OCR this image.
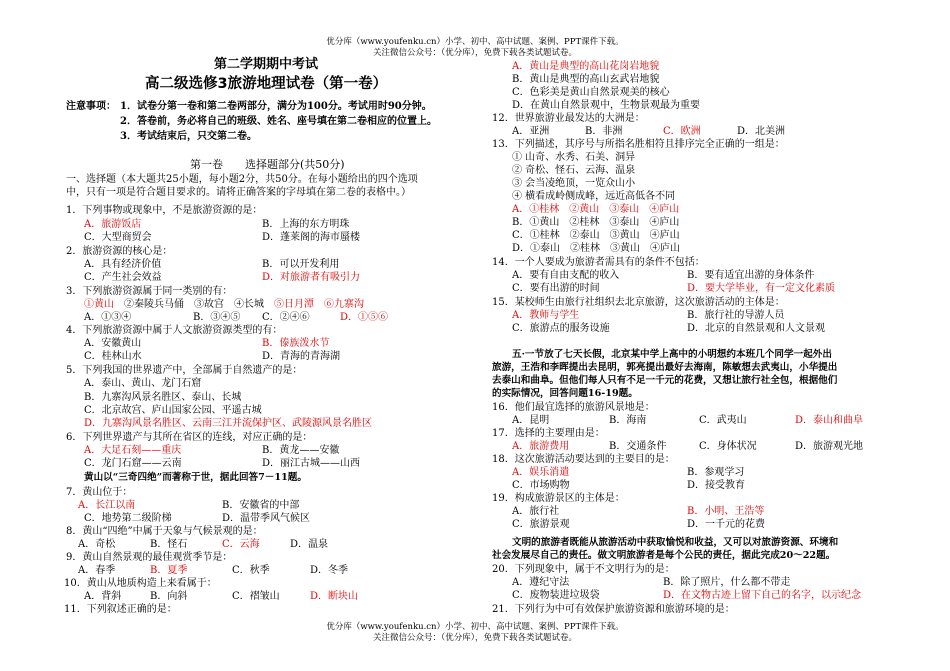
优分库（www.youfenku.cn）小学、初中、高中试题、案例、PPT课件下载。
关注微信公众号：（优分库），免费下载各类试题试卷。
优分库（www.youfenku.cn）小学、初中、高中试题、案例、PPT课件下载。
关注微信公众号：（优分库），免费下载各类试题试卷。
第二学期期中考试
高二级选修3旅游地理试卷（第一卷）
注意事项： 1．试卷分第一卷和第二卷两部分，满分为100分。考试用时90分钟。
2．答卷前，务必将自己的班级、姓名、座号填在第二卷相应的位置上。
3．考试结束后，只交第二卷。
第一卷　　选择题部分(共50分)
一、选择题（本大题共25小题，每小题2分，共50分。在每小题给出的四个选项
中，只有一项是符合题目要求的。请将正确答案的字母填在第二卷的表格中。）
1．下列事物或现象中，不是旅游资源的是：
A．旅游饭店	B．上海的东方明珠
C．大型商贸会	D．蓬莱阁的海市蜃楼
2．旅游资源的核心是：
A．具有经济价值	B．可以开发利用
C．产生社会效益	D．对旅游者有吸引力
3．下列旅游资源属于同一类别的有：
①黄山　 ②秦陵兵马俑　 ③故宫　 ④长城　 ⑤日月潭　 ⑥九寨沟
A．①③④	B．③④⑤ C．②④⑥	D．①⑤⑥
4．下列旅游资源中属于人文旅游资源类型的有：
A．安徽黄山	B．傣族泼水节
C．桂林山水	D．青海的青海湖
5．下列我国的世界遗产中，全部属于自然遗产的是：
A．泰山、黄山、龙门石窟
B．九寨沟风景名胜区、泰山、长城
C．北京故宫、庐山国家公园、平遥古城
D．九寨沟风景名胜区、云南三江并流保护区、武陵源风景名胜区
6．下列世界遗产与其所在省区的连线，对应正确的是：
A．大足石刻——重庆	B．黄龙——安徽
C．龙门石窟——云南	D．丽江古城——山西
黄山以“三奇四绝”而著称于世，据此回答7－11题。
7．黄山位于：
A．长江以南	B．安徽省的中部
C．地势第二级阶梯	D．温带季风气候区
8．黄山“四绝”中属于天象与气候景观的是：
A．奇松	B．怪石	C．云海	D．温泉
9．黄山自然景观的最佳观赏季节是：
A．春季	B．夏季	C．秋季	D．冬季
10．黄山从地质构造上来看属于：
A．背斜	B．向斜	C．褶皱山	D．断块山
11．下列叙述正确的是：
A．黄山是典型的高山花岗岩地貌
B．黄山是典型的高山玄武岩地貌
C．色彩美是黄山自然景观美的核心
D．在黄山自然景观中，生物景观最为重要
12．世界旅游业最发达的大洲是：
A．亚洲	B．非洲	C．欧洲	D．北美洲
13．下列描述，其序号与所指名胜相符且排序完全正确的一组是：
① 山奇、水秀、石美、洞异
② 奇松、怪石、云海、温泉
③ 会当凌绝顶，一览众山小
④ 横看成岭侧成峰，远近高低各不同
A．①桂林　②黄山　③泰山　④庐山
B．①黄山　②桂林　③泰山　④庐山
C．①桂林　②泰山　③黄山　④庐山
D．①泰山　②桂林　③黄山　④庐山
14．一个人要成为旅游者需具有的条件不包括：
A．要有自由支配的收入	B．要有适宜出游的身体条件
C．要有出游的时间	D．要大学毕业，有一定文化素质
15．某校师生由旅行社组织去北京旅游，这次旅游活动的主体是：
A．教师与学生	B．旅行社的导游人员
C．旅游点的服务设施	D．北京的自然景观和人文景观
五·一节放了七天长假，北京某中学上高中的小明想约本班几个同学一起外出
旅游，王浩和李晖提出去昆明，郭亮提出最好去海南，陈敏想去武夷山，小华提出
去泰山和曲阜。但他们每人只有不足一千元的花费，又想让旅行社全包，根据他们
的实际情况，回答问题16-19题。
16．他们最宜选择的旅游风景地是：
A．昆明	B．海南	C．武夷山	D．泰山和曲阜
17．选择的主要理由是：
A．旅游费用	B．交通条件	C．身体状况	D．旅游观光地
18．这次旅游活动要达到的主要目的是：
A．娱乐消遣	B．参观学习
C．市场购物	D．接受教育
19．构成旅游景区的主体是：
A．旅行社	B．小明、王浩等
C．旅游景观	D．一千元的花费
文明的旅游者既能从旅游活动中获取愉悦和收益，又可以对旅游资源、环境和
社会发展尽自己的责任。做文明旅游者是每个公民的责任，据此完成20～22题。
20．下列现象中，属于不文明行为的是：
A．遵纪守法	B．除了照片，什么都不带走
C．废物装进垃圾袋	D．在文物古迹上留下自己的名字，以示纪念
21．下列行为中可有效保护旅游资源和旅游环境的是：
